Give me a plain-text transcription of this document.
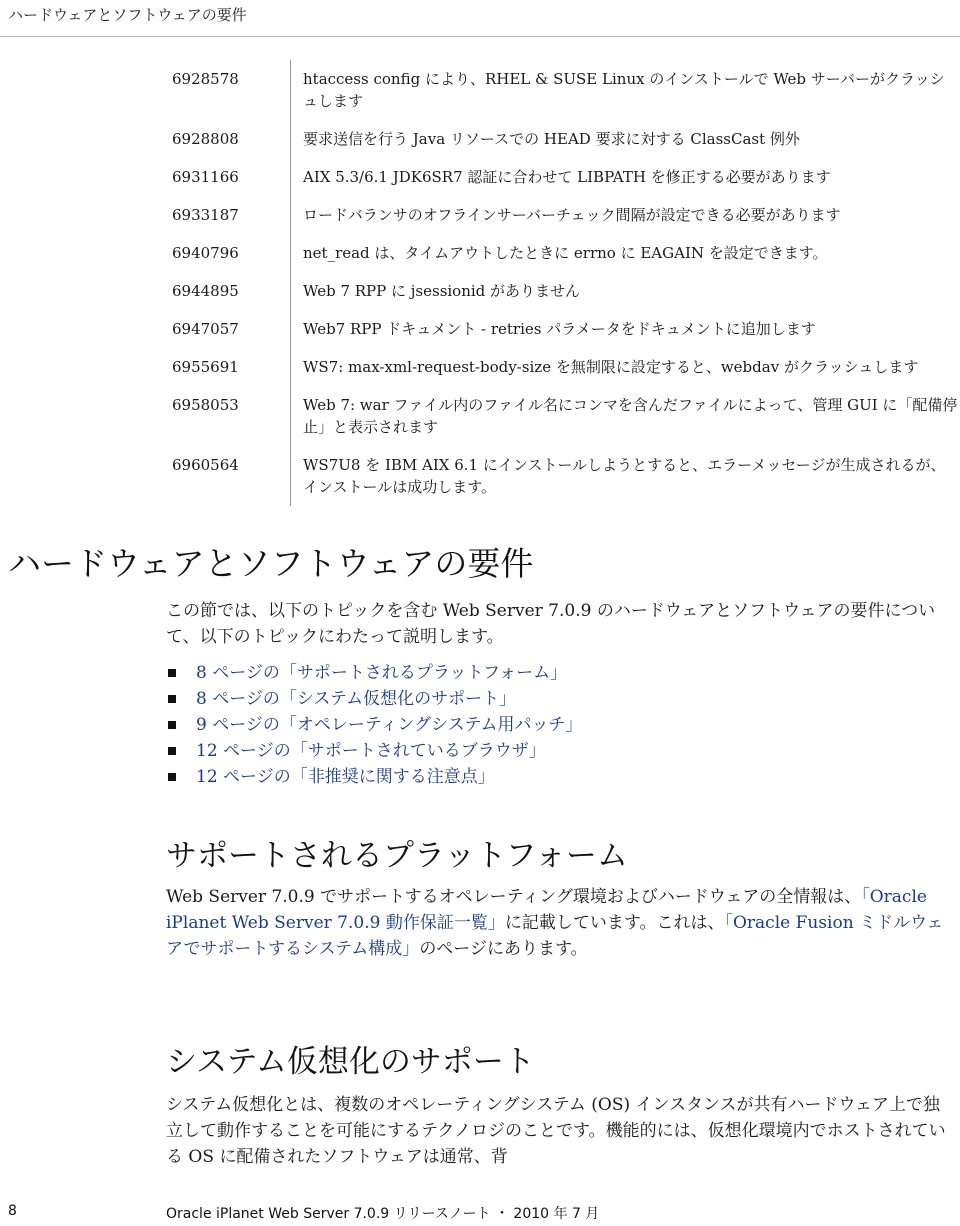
ハードウェアとソフトウェアの要件
6928578	htaccess config により、RHEL & SUSE Linux のインストールで Web サーバーがクラッシュします
6928808	要求送信を行う Java リソースでの HEAD 要求に対する ClassCast 例外
6931166	AIX 5.3/6.1 JDK6SR7 認証に合わせて LIBPATH を修正する必要があります
6933187	ロードバランサのオフラインサーバーチェック間隔が設定できる必要があります
6940796	net_read は、タイムアウトしたときに errno に EAGAIN を設定できます。
6944895	Web 7 RPP に jsessionid がありません
6947057	Web7 RPP ドキュメント - retries パラメータをドキュメントに追加します
6955691	WS7: max-xml-request-body-size を無制限に設定すると、webdav がクラッシュします
6958053	Web 7: war ファイル内のファイル名にコンマを含んだファイルによって、管理 GUI に「配備停止」と表示されます
6960564	WS7U8 を IBM AIX 6.1 にインストールしようとすると、エラーメッセージが生成されるが、インストールは成功します。
ハードウェアとソフトウェアの要件

この節では、以下のトピックを含む Web Server 7.0.9 のハードウェアとソフトウェアの要件について、以下のトピックにわたって説明します。

8 ページの「サポートされるプラットフォーム」
8 ページの「システム仮想化のサポート」
9 ページの「オペレーティングシステム用パッチ」
12 ページの「サポートされているブラウザ」
12 ページの「非推奨に関する注意点」
サポートされるプラットフォーム

Web Server 7.0.9 でサポートするオペレーティング環境およびハードウェアの全情報は、「Oracle iPlanet Web Server 7.0.9 動作保証一覧」に記載しています。これは、「Oracle Fusion ミドルウェアでサポートするシステム構成」のページにあります。

システム仮想化のサポート

システム仮想化とは、複数のオペレーティングシステム (OS) インスタンスが共有ハードウェア上で独立して動作することを可能にするテクノロジのことです。機能的には、仮想化環境内でホストされている OS に配備されたソフトウェアは通常、背

8	Oracle iPlanet Web Server 7.0.9 リリースノート ・ 2010 年 7 月
